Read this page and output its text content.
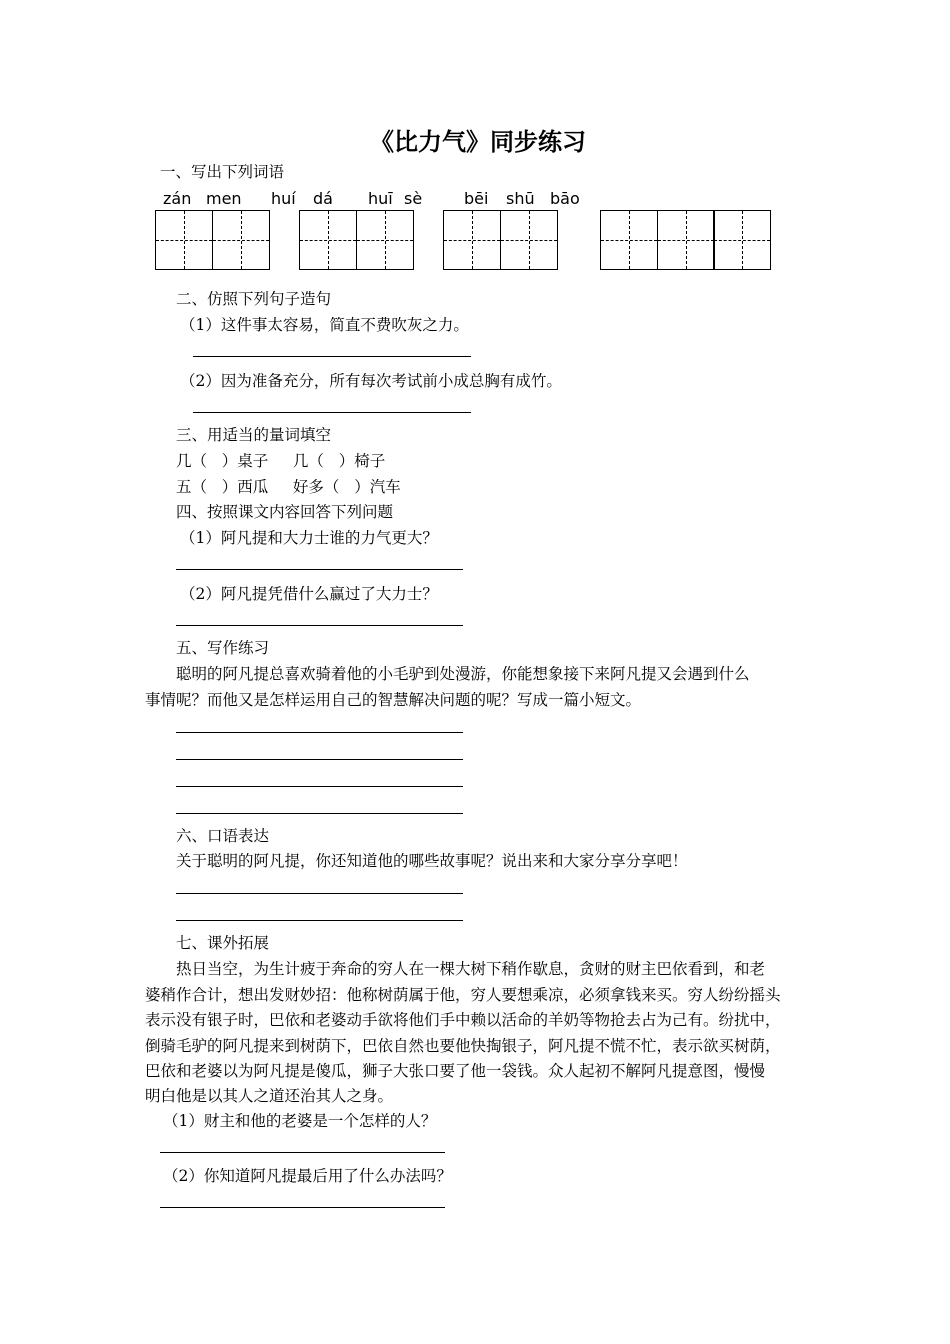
《比力气》同步练习
一、写出下列词语
zán men huí dá huī sè	bēi shū bāo
二、仿照下列句子造句
（1）这件事太容易，简直不费吹灰之力。
（2）因为准备充分，所有每次考试前小成总胸有成竹。
三、用适当的量词填空
几（   ）桌子     几（   ）椅子
五（   ）西瓜     好多（   ）汽车
四、按照课文内容回答下列问题
（1）阿凡提和大力士谁的力气更大？
（2）阿凡提凭借什么赢过了大力士？
五、写作练习
聪明的阿凡提总喜欢骑着他的小毛驴到处漫游，你能想象接下来阿凡提又会遇到什么
事情呢？而他又是怎样运用自己的智慧解决问题的呢？写成一篇小短文。
六、口语表达
关于聪明的阿凡提，你还知道他的哪些故事呢？说出来和大家分享分享吧！
七、课外拓展
热日当空，为生计疲于奔命的穷人在一棵大树下稍作歇息，贪财的财主巴依看到，和老
婆稍作合计，想出发财妙招：他称树荫属于他，穷人要想乘凉，必须拿钱来买。穷人纷纷摇头
表示没有银子时，巴依和老婆动手欲将他们手中赖以活命的羊奶等物抢去占为己有。纷扰中，
倒骑毛驴的阿凡提来到树荫下，巴依自然也要他快掏银子，阿凡提不慌不忙，表示欲买树荫，
巴依和老婆以为阿凡提是傻瓜，狮子大张口要了他一袋钱。众人起初不解阿凡提意图，慢慢
明白他是以其人之道还治其人之身。
（1）财主和他的老婆是一个怎样的人？
（2）你知道阿凡提最后用了什么办法吗？
